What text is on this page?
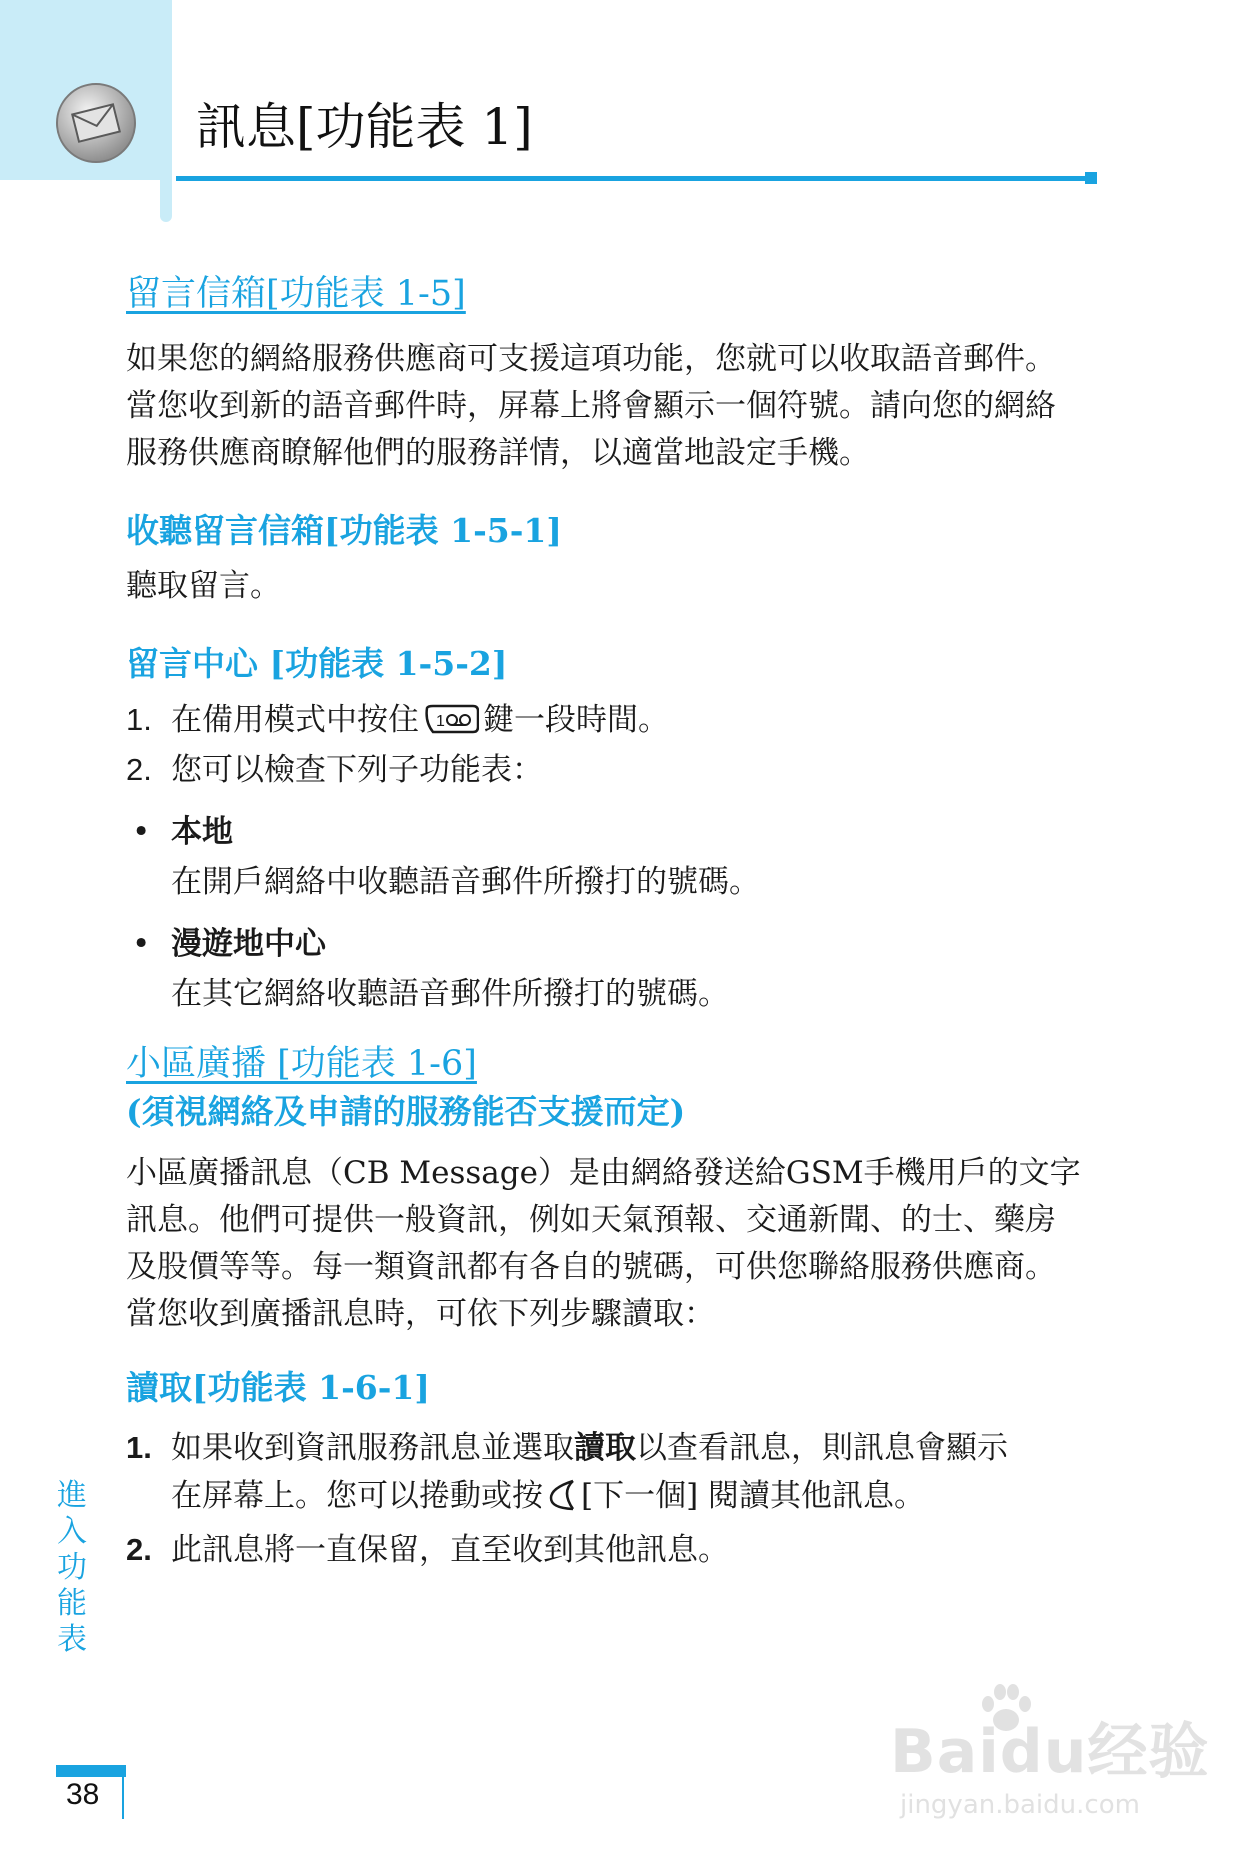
訊息[功能表 1]
留言信箱[功能表 1-5]

如果您的網絡服務供應商可支援這項功能，您就可以收取語音郵件。當您收到新的語音郵件時，屏幕上將會顯示一個符號。請向您的網絡服務供應商瞭解他們的服務詳情，以適當地設定手機。

收聽留言信箱[功能表 1-5-1]

聽取留言。

留言中心 [功能表 1-5-2]
1. 在備用模式中按住 1 鍵一段時間。
2. 您可以檢查下列子功能表：
• 本地
在開戶網絡中收聽語音郵件所撥打的號碼。
• 漫遊地中心
在其它網絡收聽語音郵件所撥打的號碼。
小區廣播 [功能表 1-6]
(須視網絡及申請的服務能否支援而定)

小區廣播訊息（CB Message）是由網絡發送給GSM手機用戶的文字訊息。他們可提供一般資訊，例如天氣預報、交通新聞、的士、藥房及股價等等。每一類資訊都有各自的號碼，可供您聯絡服務供應商。當您收到廣播訊息時，可依下列步驟讀取：

讀取[功能表 1-6-1]
1. 如果收到資訊服務訊息並選取讀取以查看訊息，則訊息會顯示在屏幕上。您可以捲動或按 [下一個] 閱讀其他訊息。
2. 此訊息將一直保留，直至收到其他訊息。
進
入
功
能
表
38
Baidu经验
jingyan.baidu.com
